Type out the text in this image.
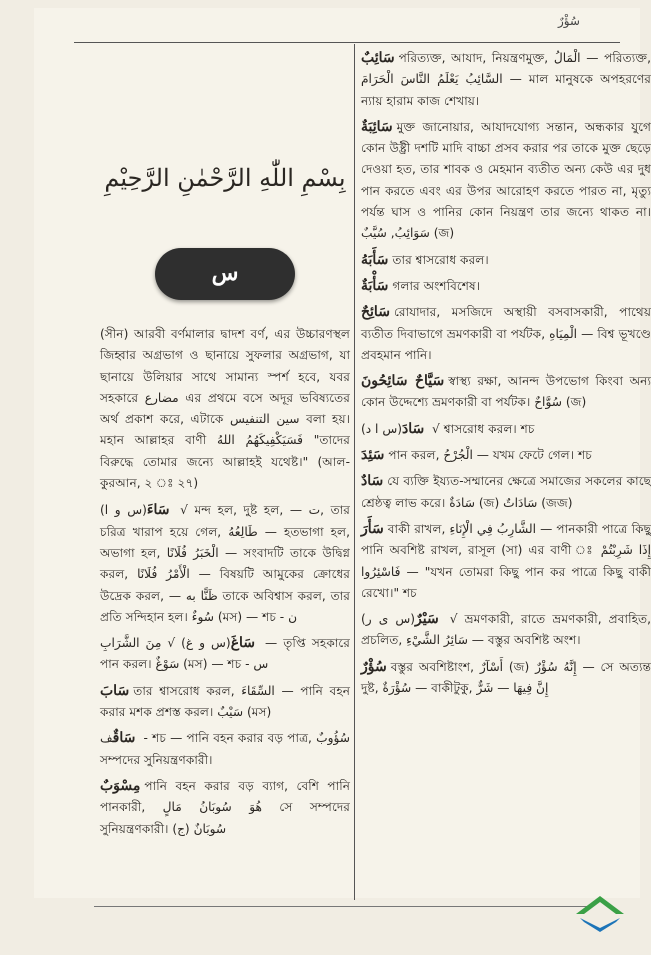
سُؤْرٌ
بِسْمِ اللّٰهِ الرَّحْمٰنِ الرَّحِيْمِ
س
(সীন) আরবী বর্ণমালার দ্বাদশ বর্ণ, এর উচ্চারণস্থল জিহ্বার অগ্রভাগ ও ছানায়ে সুফলার অগ্রভাগ, যা ছানায়ে উলিয়ার সাথে সামান্য স্পর্শ হবে, যবর সহকারে مضارع এর প্রথমে বসে অদূর ভবিষ্যতের অর্থ প্রকাশ করে, এটাকে سين التنفيس বলা হয়। মহান আল্লাহর বাণী فَسَيَكْفِيكَهُمُ اللهُ "তাদের বিরুদ্ধে তোমার জন্যে আল্লাহই যথেষ্ট।" (আল-কুরআন, ২ ঃ ২৭)
سَاءَ(س و ا) √ মন্দ হল, দুষ্ট হল, — ت, তার চরিত্র খারাপ হয়ে গেল, طَالِعُهُ — হতভাগা হল, অভাগা হল, الْخَبَرُ فُلَانًا — সংবাদটি তাকে উদ্বিগ্ন করল, الْأَمْرُ فُلَانًا — বিষয়টি আমুকের ক্রোধের উদ্রেক করল, — ظَنًّا به তাকে অবিশ্বাস করল, তার প্রতি সন্দিহান হল। سُوءٌ (মস) — শচ - ن
سَاغَ(س و غ) √ مِنَ الشَّرَابِ — তৃপ্তি সহকারে পান করল। سَوْغٌ (মস) — শচ - س
سَابَ তার শ্বাসরোধ করল, السِّقَاءَ — পানি বহন করার মশক প্রশস্ত করল। سَيْبٌ (মস)
سَاقٌف - শচ — পানি বহন করার বড় পাত্র, سُؤُوبٌ সম্পদের সুনিয়ন্ত্রণকারী।
مِسْوَبٌ পানি বহন করার বড় ব্যাগ, বেশি পানি পানকারী, هُوَ سُوبَانُ مَالٍ সে সম্পদের সুনিয়ন্ত্রণকারী। سُوبَانٌ (ج)
سَائِبٌ পরিত্যক্ত, আযাদ, নিয়ন্ত্রণমুক্ত, الْمَالُ — পরিত্যক্ত, السَّائِبُ يَعْلَمُ النَّاسَ الْحَرَامَ — মাল মানুষকে অপহরণের ন্যায় হারাম কাজ শেখায়।
سَائِبَةٌ মুক্ত জানোয়ার, আযাদযোগ্য সন্তান, অন্ধকার যুগে কোন উষ্ট্রী দশটি মাদি বাচ্চা প্রসব করার পর তাকে মুক্ত ছেড়ে দেওয়া হত, তার শাবক ও মেহমান ব্যতীত অন্য কেউ এর দুধ পান করতে এবং এর উপর আরোহণ করতে পারত না, মৃত্যু পর্যন্ত ঘাস ও পানির কোন নিয়ন্ত্রণ তার জন্যে থাকত না। سَوَائِبُ, سُيَّبٌ (জ)
سَأَبَهُ তার শ্বাসরোধ করল।
سَأْبَةٌ গলার অংশবিশেষ।
سَائِحٌ রোযাদার, মসজিদে অস্থায়ী বসবাসকারী, পাথেয় ব্যতীত দিবাভাগে ভ্রমণকারী বা পর্যটক, الْمِيَاهِ — বিশ্ব ভূখণ্ডে প্রবহমান পানি।
سَيَّاحٌ سَائِحُونَ স্বাস্থ্য রক্ষা, আনন্দ উপভোগ কিংবা অন্য কোন উদ্দেশ্যে ভ্রমণকারী বা পর্যটক। سُوَّاحٌ (জ)
سَادَ(س ا د) √ শ্বাসরোধ করল। শচ
سَئِدَ পান করল, الْجُرْحُ — যখম ফেটে গেল। শচ
سَادٌ যে ব্যক্তি ইয্যত-সম্মানের ক্ষেত্রে সমাজের সকলের কাছে শ্রেষ্ঠত্ব লাভ করে। سَادَةٌ (জ) سَادَاتٌ (জজ)
سَأَرَ বাকী রাখল, الشَّارِبُ فِي الْإِنَاءِ — পানকারী পাত্রে কিছু পানি অবশিষ্ট রাখল, রাসূল (সা) এর বাণী ঃ إِذَا شَرِبْتُمْ فَاسْئِرُوا — "যখন তোমরা কিছু পান কর পাত্রে কিছু বাকী রেখো।" শচ
سَيْرٌ(س ى ر) √ ভ্রমণকারী, রাতে ভ্রমণকারী, প্রবাহিত, প্রচলিত, سَائِرُ الشَّيْءِ — বস্তুর অবশিষ্ট অংশ।
سُؤْرٌ বস্তুর অবশিষ্টাংশ, أَسْآرٌ (জ) إِنَّهُ سُؤْرٌ — সে অত্যন্ত দুষ্ট, سُؤْرَةٌ — বাকীটুকু, إِنَّ فِيهَا — شَرٌّ
